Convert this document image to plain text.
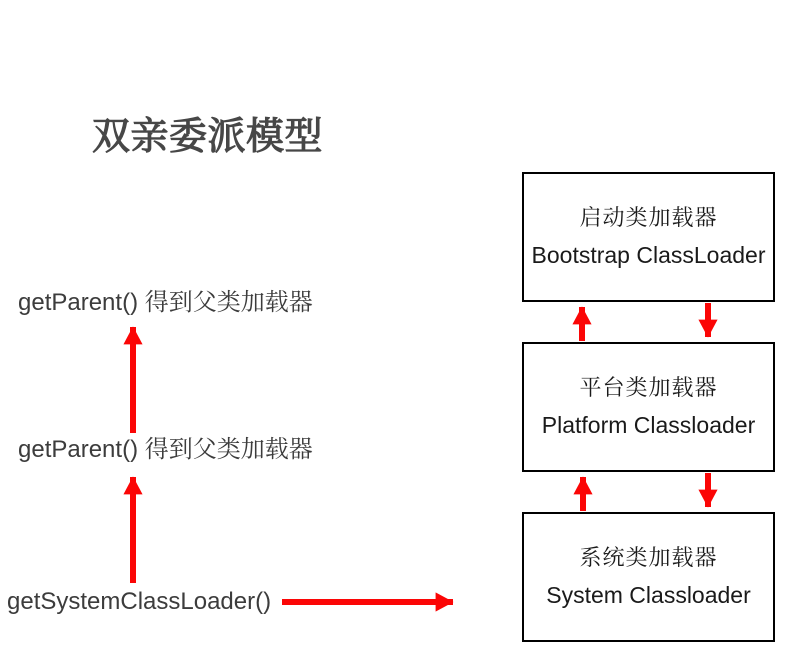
双亲委派模型
getParent() 得到父类加载器
getParent() 得到父类加载器
getSystemClassLoader()
启动类加载器
Bootstrap ClassLoader
平台类加载器
Platform Classloader
系统类加载器
System Classloader
